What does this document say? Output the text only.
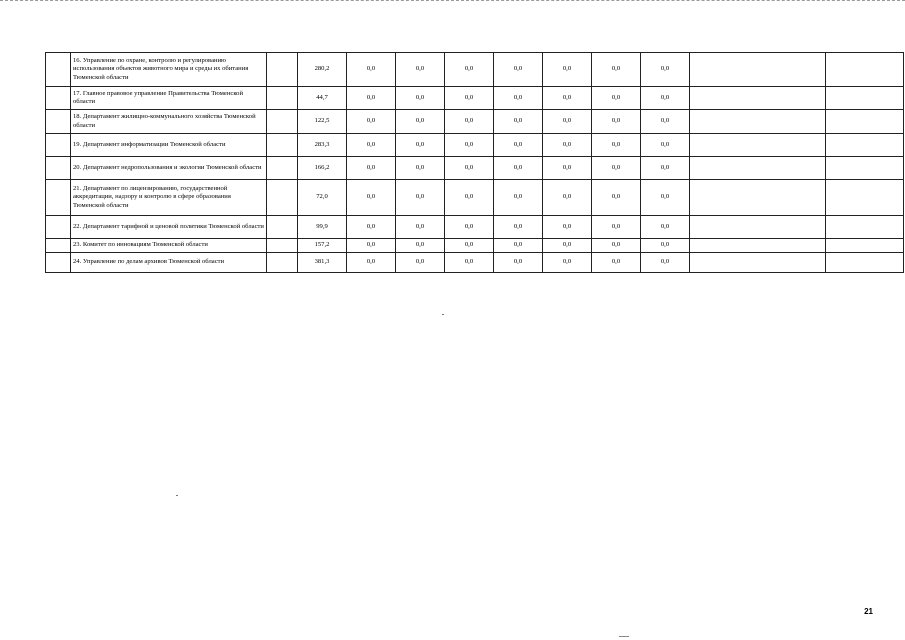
	16. Управление по охране, контролю и регулированию использования объектов животного мира и среды их обитания Тюменской области		280,2	0,0	0,0	0,0	0,0	0,0	0,0	0,0		
	17. Главное правовое управление Правительства Тюменской области		44,7	0,0	0,0	0,0	0,0	0,0	0,0	0,0		
	18. Департамент жилищно-коммунального хозяйства Тюменской области		122,5	0,0	0,0	0,0	0,0	0,0	0,0	0,0		
	19. Департамент информатизации Тюменской области		283,3	0,0	0,0	0,0	0,0	0,0	0,0	0,0		
	20. Департамент недропользования и экологии Тюменской области		166,2	0,0	0,0	0,0	0,0	0,0	0,0	0,0		
	21. Департамент по лицензированию, государственной аккредитации, надзору и контролю в сфере образования Тюменской области		72,0	0,0	0,0	0,0	0,0	0,0	0,0	0,0		
	22. Департамент тарифной и ценовой политики Тюменской области		99,9	0,0	0,0	0,0	0,0	0,0	0,0	0,0		
	23. Комитет по инновациям Тюменской области		157,2	0,0	0,0	0,0	0,0	0,0	0,0	0,0		
	24. Управление по делам архивов Тюменской области		381,3	0,0	0,0	0,0	0,0	0,0	0,0	0,0		
21
